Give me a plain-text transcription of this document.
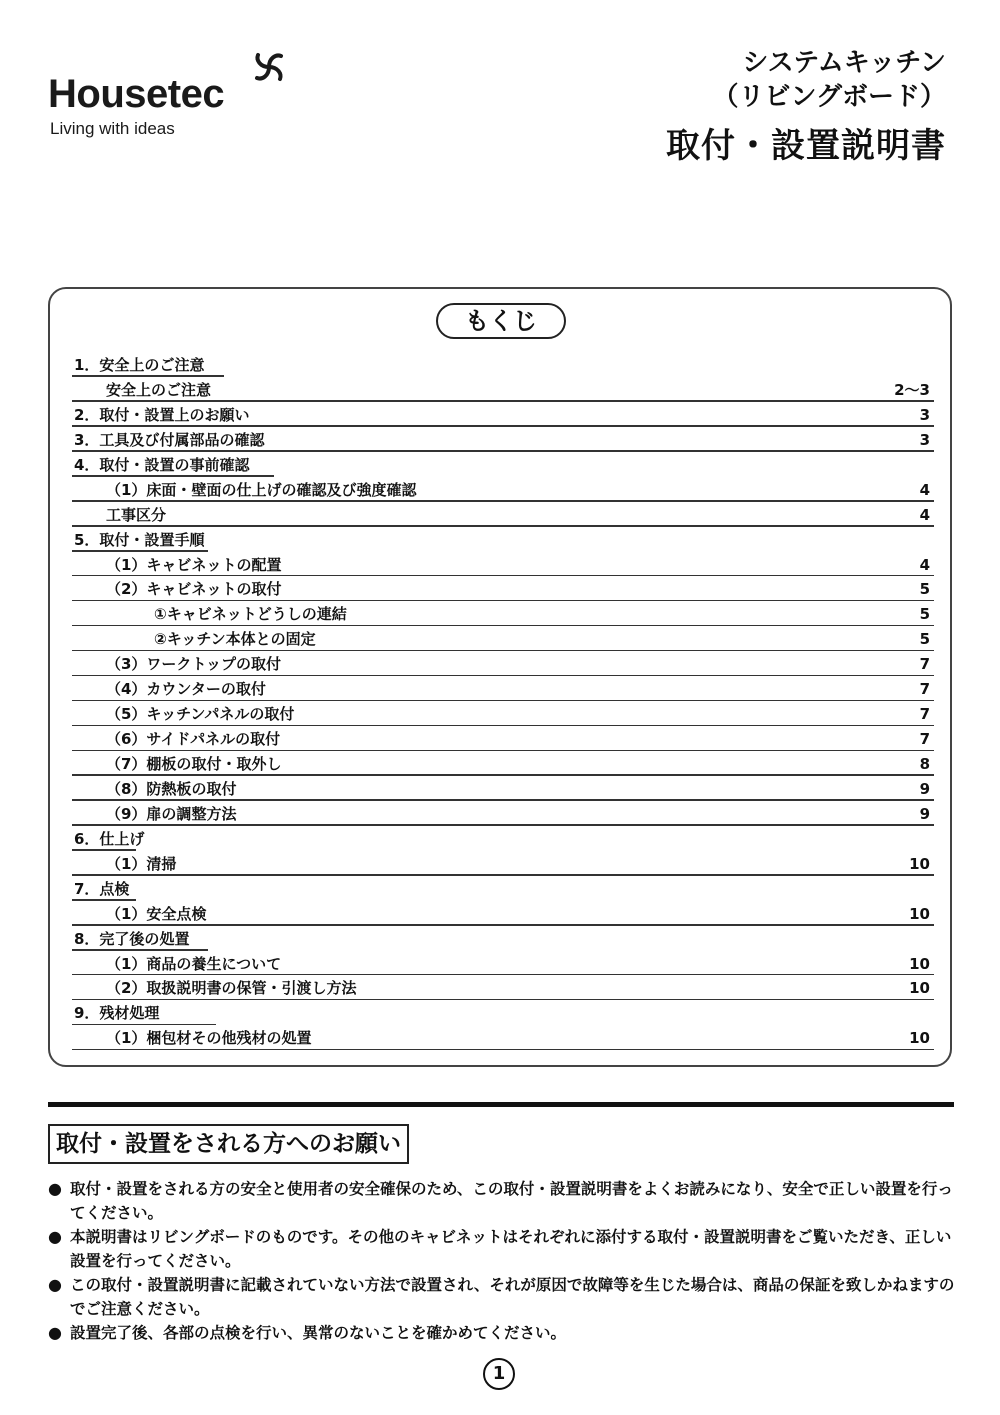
Housetec
Living with ideas
システムキッチン
（リビングボード）
取付・設置説明書
もくじ
1．安全上のご注意
安全上のご注意	2～3
2．取付・設置上のお願い	3
3．工具及び付属部品の確認	3
4．取付・設置の事前確認
（1）床面・壁面の仕上げの確認及び強度確認	4
工事区分	4
5．取付・設置手順
（1）キャビネットの配置	4
（2）キャビネットの取付	5
①キャビネットどうしの連結	5
②キッチン本体との固定	5
（3）ワークトップの取付	7
（4）カウンターの取付	7
（5）キッチンパネルの取付	7
（6）サイドパネルの取付	7
（7）棚板の取付・取外し	8
（8）防熱板の取付	9
（9）扉の調整方法	9
6．仕上げ
（1）清掃	10
7．点検
（1）安全点検	10
8．完了後の処置
（1）商品の養生について	10
（2）取扱説明書の保管・引渡し方法	10
9．残材処理
（1）梱包材その他残材の処置	10
取付・設置をされる方へのお願い
● 取付・設置をされる方の安全と使用者の安全確保のため、この取付・設置説明書をよくお読みになり、安全で正しい設置を行ってください。
● 本説明書はリビングボードのものです。その他のキャビネットはそれぞれに添付する取付・設置説明書をご覧いただき、正しい設置を行ってください。
● この取付・設置説明書に記載されていない方法で設置され、それが原因で故障等を生じた場合は、商品の保証を致しかねますのでご注意ください。
● 設置完了後、各部の点検を行い、異常のないことを確かめてください。
1
